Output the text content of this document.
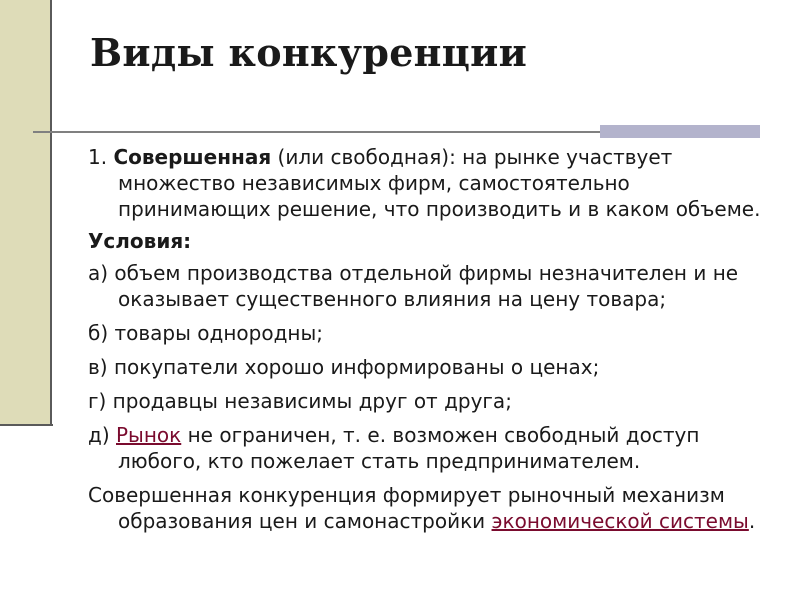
Виды конкуренции

1. Совершенная (или свободная): на рынке участвует множество независимых фирм, самостоятельно принимающих решение, что производить и в каком объеме.

Условия:

а) объем производства отдельной фирмы незначителен и не оказывает существенного влияния на цену товара;

б) товары однородны;

в) покупатели хорошо информированы о ценах;

г) продавцы независимы друг от друга;

д) Рынок не ограничен, т. е. возможен свободный доступ любого, кто пожелает стать предпринимателем.

Совершенная конкуренция формирует рыночный механизм образования цен и самонастройки экономической системы.
